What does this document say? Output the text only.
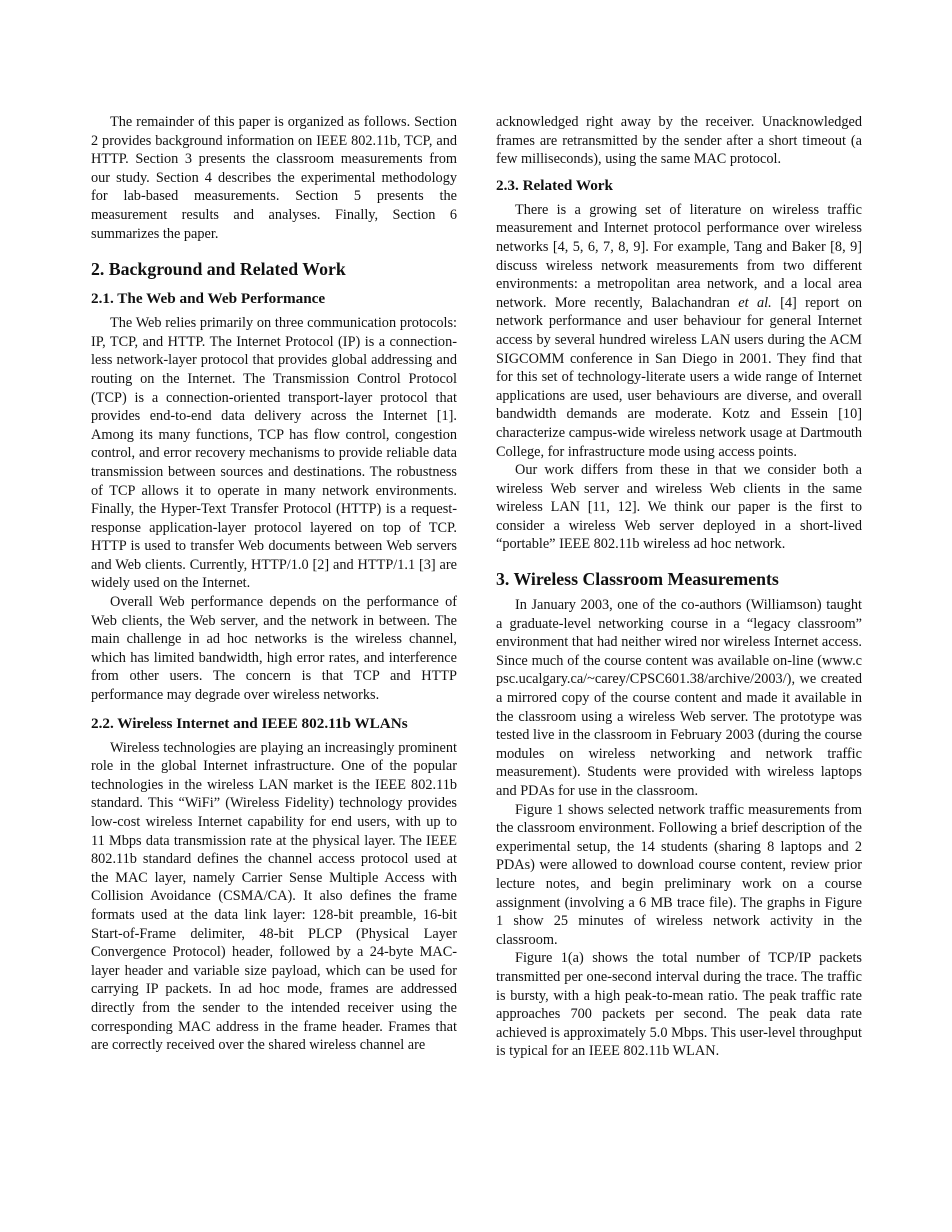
The remainder of this paper is organized as follows. Section 2 provides background information on IEEE 802.11b, TCP, and HTTP. Section 3 presents the classroom measurements from our study. Section 4 describes the experimental methodology for lab-based measurements. Section 5 presents the measurement results and analyses. Finally, Section 6 summarizes the paper.

2. Background and Related Work
2.1. The Web and Web Performance

The Web relies primarily on three communication protocols: IP, TCP, and HTTP. The Internet Protocol (IP) is a connection-less network-layer protocol that provides global addressing and routing on the Internet. The Transmission Control Protocol (TCP) is a connection-oriented transport-layer protocol that provides end-to-end data delivery across the Internet [1]. Among its many functions, TCP has flow control, congestion control, and error recovery mechanisms to provide reliable data transmission between sources and destinations. The robustness of TCP allows it to operate in many network environments. Finally, the Hyper-Text Transfer Protocol (HTTP) is a request-response application-layer protocol layered on top of TCP. HTTP is used to transfer Web documents between Web servers and Web clients. Currently, HTTP/1.0 [2] and HTTP/1.1 [3] are widely used on the Internet.

Overall Web performance depends on the performance of Web clients, the Web server, and the network in between. The main challenge in ad hoc networks is the wireless channel, which has limited bandwidth, high error rates, and interference from other users. The concern is that TCP and HTTP performance may degrade over wireless networks.

2.2. Wireless Internet and IEEE 802.11b WLANs

Wireless technologies are playing an increasingly prominent role in the global Internet infrastructure. One of the popular technologies in the wireless LAN market is the IEEE 802.11b standard. This “WiFi” (Wireless Fidelity) technology provides low-cost wireless Internet capability for end users, with up to 11 Mbps data transmission rate at the physical layer. The IEEE 802.11b standard defines the channel access protocol used at the MAC layer, namely Carrier Sense Multiple Access with Collision Avoidance (CSMA/CA). It also defines the frame formats used at the data link layer: 128-bit preamble, 16-bit Start-of-Frame delimiter, 48-bit PLCP (Physical Layer Convergence Protocol) header, followed by a 24-byte MAC-layer header and variable size payload, which can be used for carrying IP packets. In ad hoc mode, frames are addressed directly from the sender to the intended receiver using the corresponding MAC address in the frame header. Frames that are correctly received over the shared wireless channel are

acknowledged right away by the receiver. Unacknowledged frames are retransmitted by the sender after a short timeout (a few milliseconds), using the same MAC protocol.

2.3. Related Work

There is a growing set of literature on wireless traffic measurement and Internet protocol performance over wireless networks [4, 5, 6, 7, 8, 9]. For example, Tang and Baker [8, 9] discuss wireless network measurements from two different environments: a metropolitan area network, and a local area network. More recently, Balachandran et al. [4] report on network performance and user behaviour for general Internet access by several hundred wireless LAN users during the ACM SIGCOMM conference in San Diego in 2001. They find that for this set of technology-literate users a wide range of Internet applications are used, user behaviours are diverse, and overall bandwidth demands are moderate. Kotz and Essein [10] characterize campus-wide wireless network usage at Dartmouth College, for infrastructure mode using access points.

Our work differs from these in that we consider both a wireless Web server and wireless Web clients in the same wireless LAN [11, 12]. We think our paper is the first to consider a wireless Web server deployed in a short-lived “portable” IEEE 802.11b wireless ad hoc network.

3. Wireless Classroom Measurements

In January 2003, one of the co-authors (Williamson) taught a graduate-level networking course in a “legacy classroom” environment that had neither wired nor wireless Internet access. Since much of the course content was available on-line (www.cpsc.ucalgary.ca/~carey/CPSC601.38/archive/2003/), we created a mirrored copy of the course content and made it available in the classroom using a wireless Web server. The prototype was tested live in the classroom in February 2003 (during the course modules on wireless networking and network traffic measurement). Students were provided with wireless laptops and PDAs for use in the classroom.

Figure 1 shows selected network traffic measurements from the classroom environment. Following a brief description of the experimental setup, the 14 students (sharing 8 laptops and 2 PDAs) were allowed to download course content, review prior lecture notes, and begin preliminary work on a course assignment (involving a 6 MB trace file). The graphs in Figure 1 show 25 minutes of wireless network activity in the classroom.

Figure 1(a) shows the total number of TCP/IP packets transmitted per one-second interval during the trace. The traffic is bursty, with a high peak-to-mean ratio. The peak traffic rate approaches 700 packets per second. The peak data rate achieved is approximately 5.0 Mbps. This user-level throughput is typical for an IEEE 802.11b WLAN.
